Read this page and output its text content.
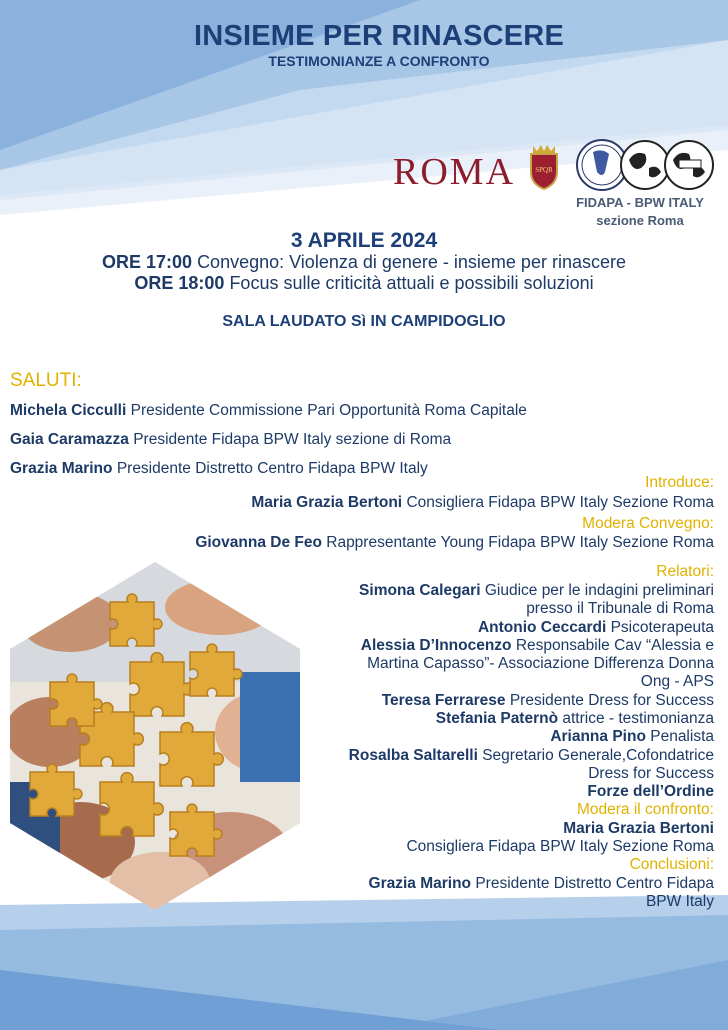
INSIEME PER RINASCERE
TESTIMONIANZE A CONFRONTO
ROMA	SPQR
FIDAPA - BPW ITALY
sezione Roma
3 APRILE 2024
ORE 17:00 Convegno: Violenza di genere - insieme per rinascere
ORE 18:00 Focus sulle criticità attuali e possibili soluzioni
SALA LAUDATO Sì IN CAMPIDOGLIO
SALUTI:
Michela Cicculli Presidente Commissione Pari Opportunità Roma Capitale
Gaia Caramazza Presidente Fidapa BPW Italy sezione di Roma
Grazia Marino Presidente Distretto Centro Fidapa BPW Italy
Introduce:
Maria Grazia Bertoni Consigliera Fidapa BPW Italy Sezione Roma
Modera Convegno:
Giovanna De Feo Rappresentante Young Fidapa BPW Italy Sezione Roma
Relatori:
Simona Calegari Giudice per le indagini preliminari
presso il Tribunale di Roma
Antonio Ceccardi Psicoterapeuta
Alessia D’Innocenzo Responsabile Cav “Alessia e
Martina Capasso”- Associazione Differenza Donna
Ong - APS
Teresa Ferrarese Presidente Dress for Success
Stefania Paternò attrice - testimonianza
Arianna Pino Penalista
Rosalba Saltarelli Segretario Generale,Cofondatrice
Dress for Success
Forze dell’Ordine
Modera il confronto:
Maria Grazia Bertoni
Consigliera Fidapa BPW Italy Sezione Roma
Conclusioni:
Grazia Marino Presidente Distretto Centro Fidapa
BPW Italy
